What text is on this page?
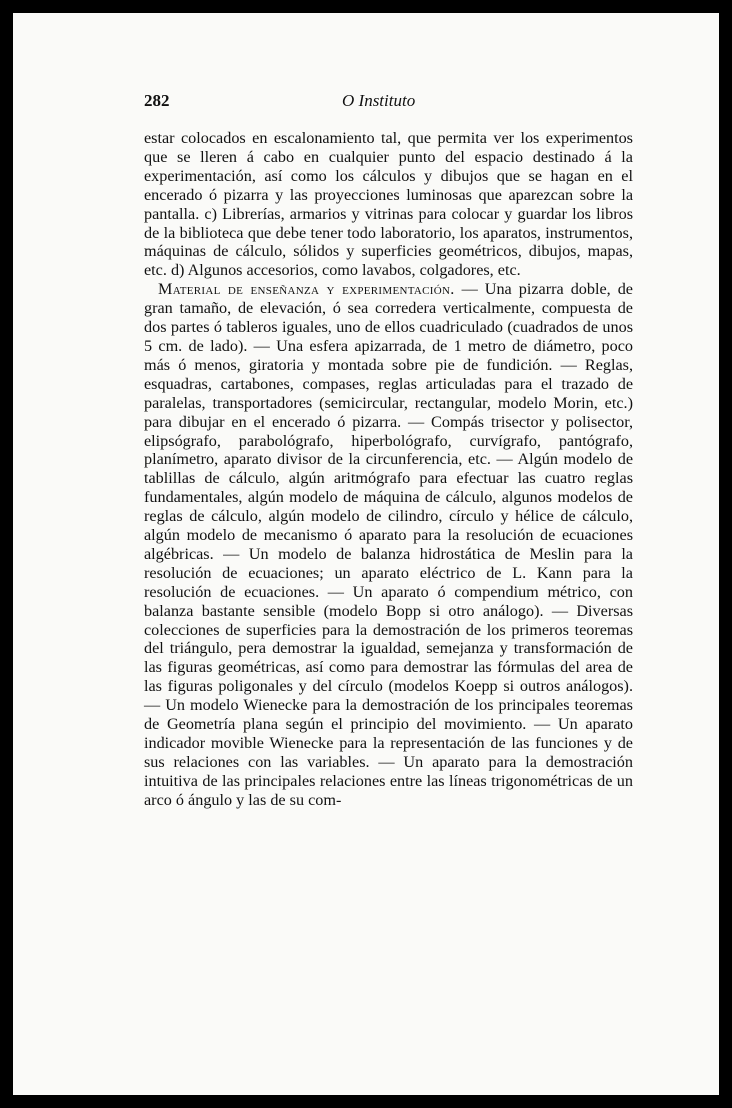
282	O Instituto

estar colocados en escalonamiento tal, que permita ver los experimentos que se lleren á cabo en cualquier punto del espacio destinado á la experimentación, así como los cálculos y dibujos que se hagan en el encerado ó pizarra y las proyecciones luminosas que aparezcan sobre la pantalla. c) Librerías, armarios y vitrinas para colocar y guardar los libros de la biblioteca que debe tener todo laboratorio, los aparatos, instrumentos, máquinas de cálculo, sólidos y superficies geométricos, dibujos, mapas, etc. d) Algunos accesorios, como lavabos, colgadores, etc.

Material de enseñanza y experimentación. — Una pizarra doble, de gran tamaño, de elevación, ó sea corredera verticalmente, compuesta de dos partes ó tableros iguales, uno de ellos cuadriculado (cuadrados de unos 5 cm. de lado). — Una esfera apizarrada, de 1 metro de diámetro, poco más ó menos, giratoria y montada sobre pie de fundición. — Reglas, esquadras, cartabones, compases, reglas articuladas para el trazado de paralelas, transportadores (semicircular, rectangular, modelo Morin, etc.) para dibujar en el encerado ó pizarra. — Compás trisector y polisector, elipsógrafo, parabológrafo, hiperbológrafo, curvígrafo, pantógrafo, planímetro, aparato divisor de la circunferencia, etc. — Algún modelo de tablillas de cálculo, algún aritmógrafo para efectuar las cuatro reglas fundamentales, algún modelo de máquina de cálculo, algunos modelos de reglas de cálculo, algún modelo de cilindro, círculo y hélice de cálculo, algún modelo de mecanismo ó aparato para la resolución de ecuaciones algébricas. — Un modelo de balanza hidrostática de Meslin para la resolución de ecuaciones; un aparato eléctrico de L. Kann para la resolución de ecuaciones. — Un aparato ó compendium métrico, con balanza bastante sensible (modelo Bopp si otro análogo). — Diversas colecciones de superficies para la demostración de los primeros teoremas del triángulo, pera demostrar la igualdad, semejanza y transformación de las figuras geométricas, así como para demostrar las fórmulas del area de las figuras poligonales y del círculo (modelos Koepp si outros análogos). — Un modelo Wienecke para la demostración de los principales teoremas de Geometría plana según el principio del movimiento. — Un aparato indicador movible Wienecke para la representación de las funciones y de sus relaciones con las variables. — Un aparato para la demostración intuitiva de las principales relaciones entre las líneas trigonométricas de un arco ó ángulo y las de su com-
